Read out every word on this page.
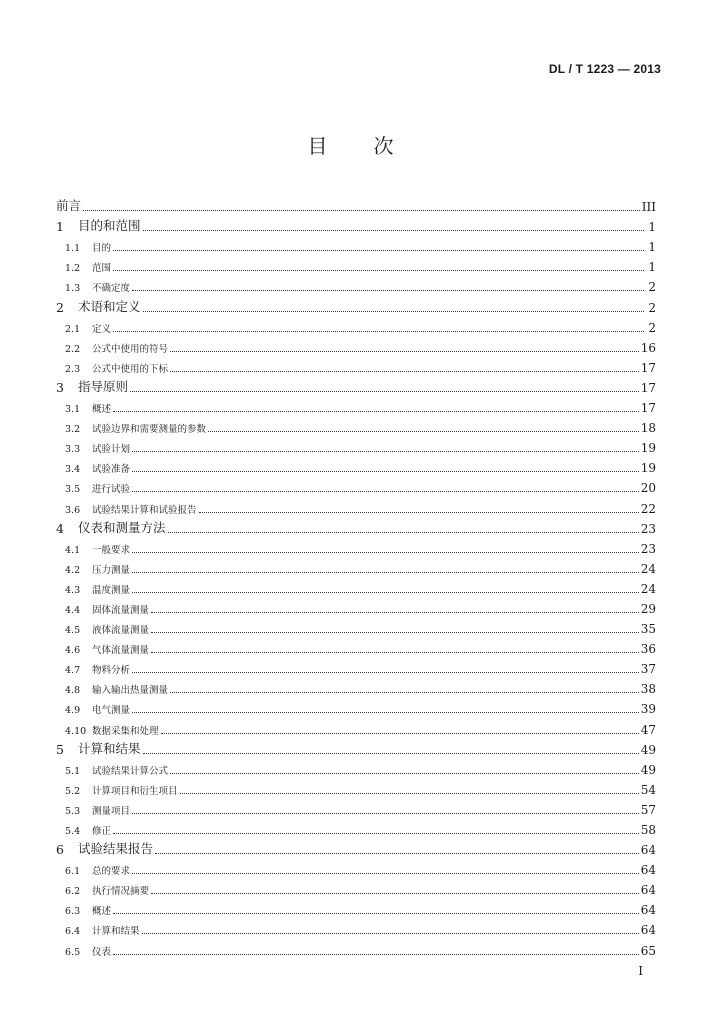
DL / T 1223 — 2013
目次
前言	III
1	目的和范围	1
1.1	目的	1
1.2	范围	1
1.3	不确定度	2
2	术语和定义	2
2.1	定义	2
2.2	公式中使用的符号	16
2.3	公式中使用的下标	17
3	指导原则	17
3.1	概述	17
3.2	试验边界和需要测量的参数	18
3.3	试验计划	19
3.4	试验准备	19
3.5	进行试验	20
3.6	试验结果计算和试验报告	22
4	仪表和测量方法	23
4.1	一般要求	23
4.2	压力测量	24
4.3	温度测量	24
4.4	固体流量测量	29
4.5	液体流量测量	35
4.6	气体流量测量	36
4.7	物料分析	37
4.8	输入输出热量测量	38
4.9	电气测量	39
4.10 数据采集和处理	47
5	计算和结果	49
5.1	试验结果计算公式	49
5.2	计算项目和衍生项目	54
5.3	测量项目	57
5.4	修正	58
6	试验结果报告	64
6.1	总的要求	64
6.2	执行情况摘要	64
6.3	概述	64
6.4	计算和结果	64
6.5	仪表	65
I
